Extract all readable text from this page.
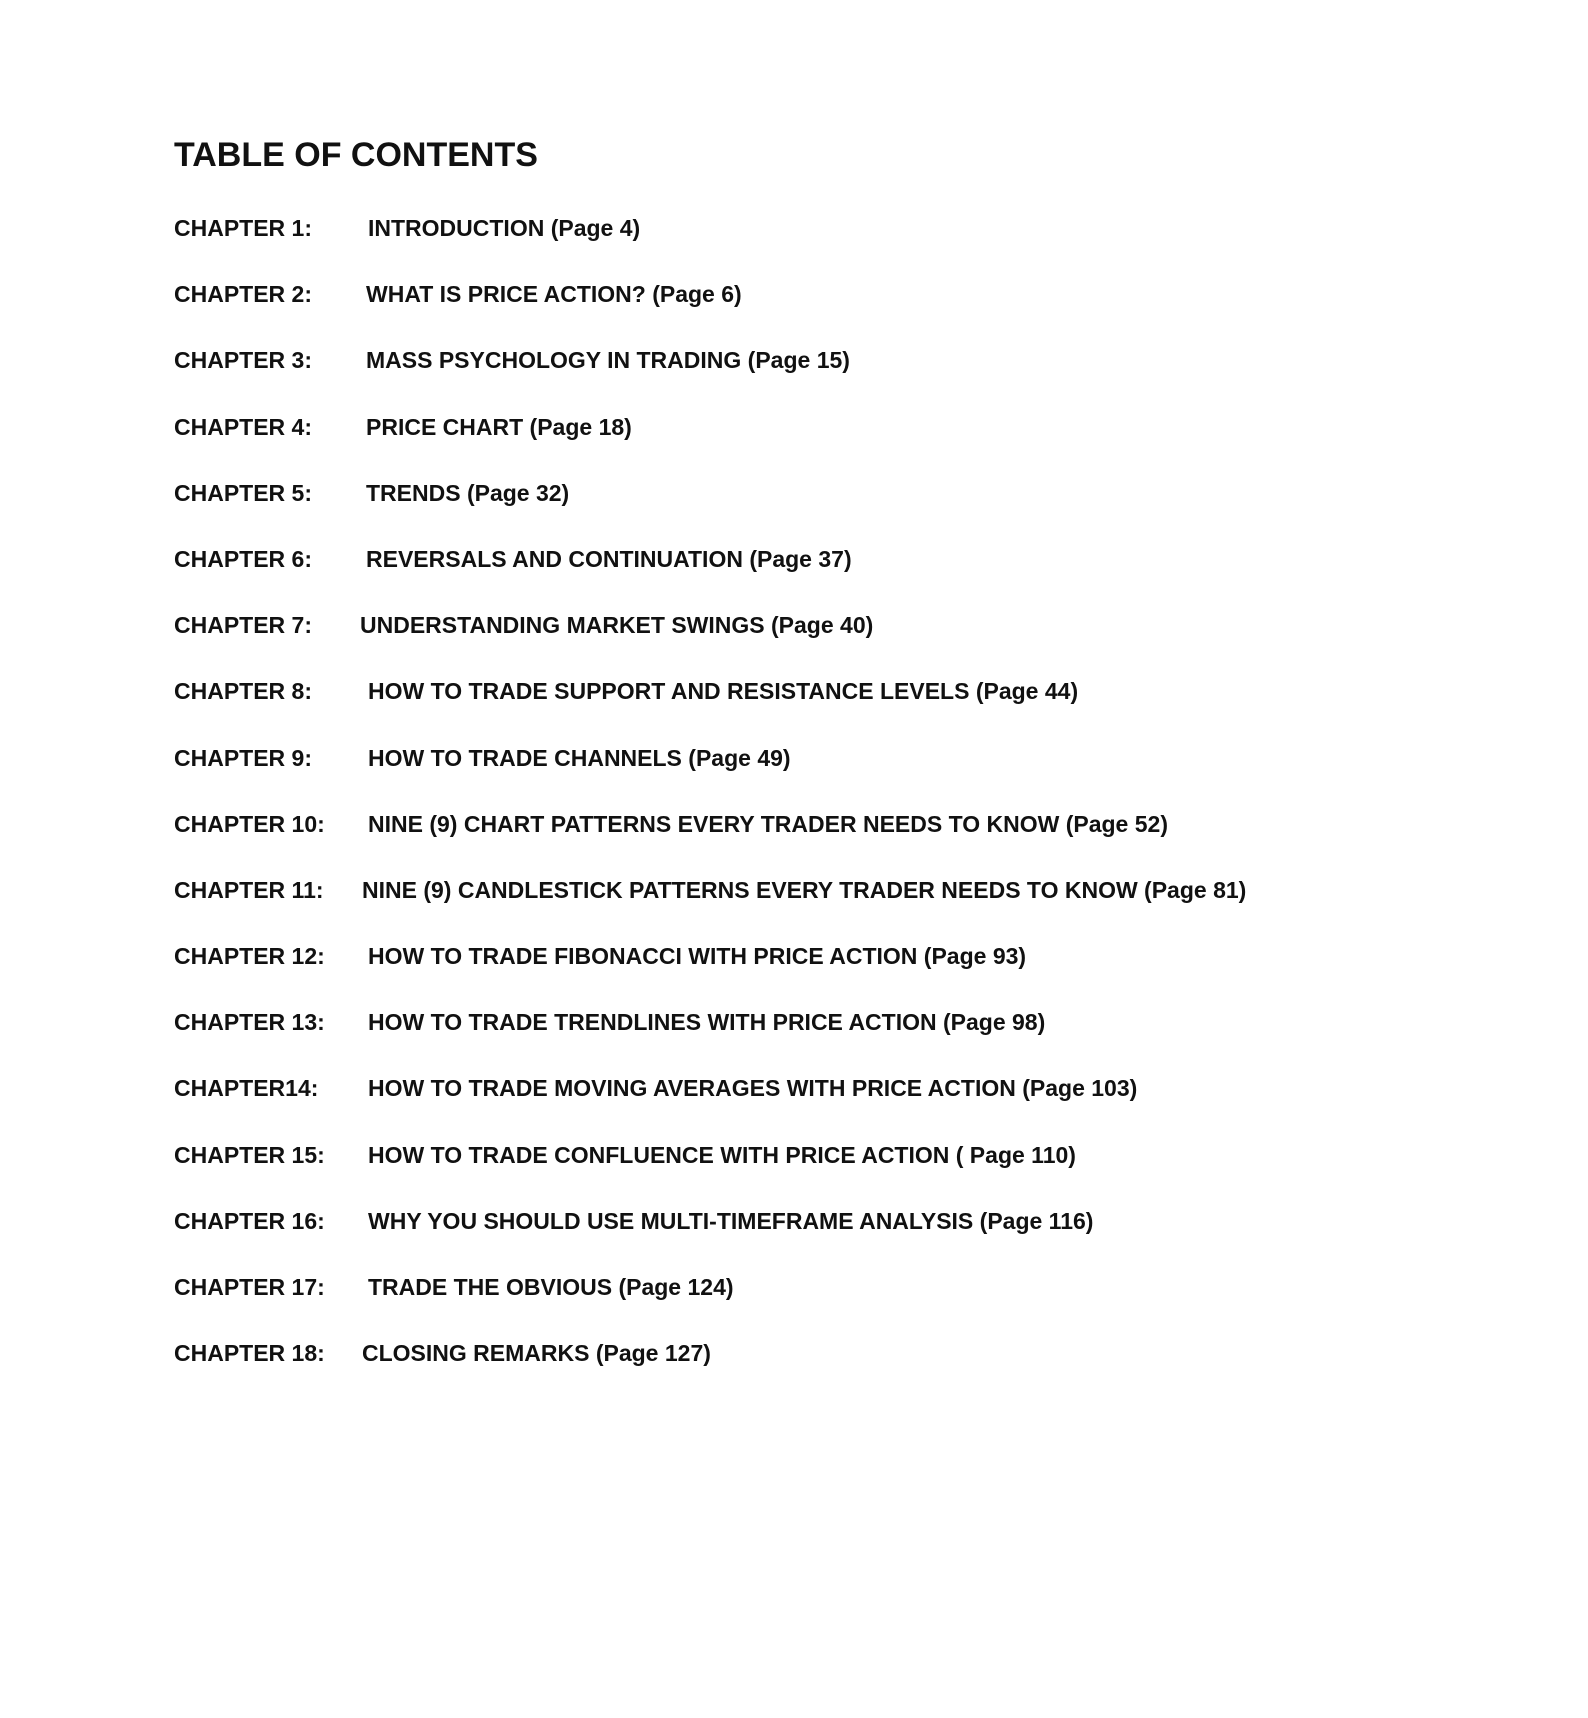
TABLE OF CONTENTS
CHAPTER 1:	INTRODUCTION (Page 4)
CHAPTER 2:	WHAT IS PRICE ACTION? (Page 6)
CHAPTER 3:	MASS PSYCHOLOGY IN TRADING (Page 15)
CHAPTER 4:	PRICE CHART (Page 18)
CHAPTER 5:	TRENDS (Page 32)
CHAPTER 6:	REVERSALS AND CONTINUATION (Page 37)
CHAPTER 7:	UNDERSTANDING MARKET SWINGS (Page 40)
CHAPTER 8:	HOW TO TRADE SUPPORT AND RESISTANCE LEVELS (Page 44)
CHAPTER 9:	HOW TO TRADE CHANNELS (Page 49)
CHAPTER 10:	NINE (9) CHART PATTERNS EVERY TRADER NEEDS TO KNOW (Page 52)
CHAPTER 11:	NINE (9) CANDLESTICK PATTERNS EVERY TRADER NEEDS TO KNOW (Page 81)
CHAPTER 12:	HOW TO TRADE FIBONACCI WITH PRICE ACTION (Page 93)
CHAPTER 13:	HOW TO TRADE TRENDLINES WITH PRICE ACTION (Page 98)
CHAPTER14:	HOW TO TRADE MOVING AVERAGES WITH PRICE ACTION (Page 103)
CHAPTER 15:	HOW TO TRADE CONFLUENCE WITH PRICE ACTION ( Page 110)
CHAPTER 16:	WHY YOU SHOULD USE MULTI-TIMEFRAME ANALYSIS (Page 116)
CHAPTER 17:	TRADE THE OBVIOUS (Page 124)
CHAPTER 18:	CLOSING REMARKS (Page 127)
